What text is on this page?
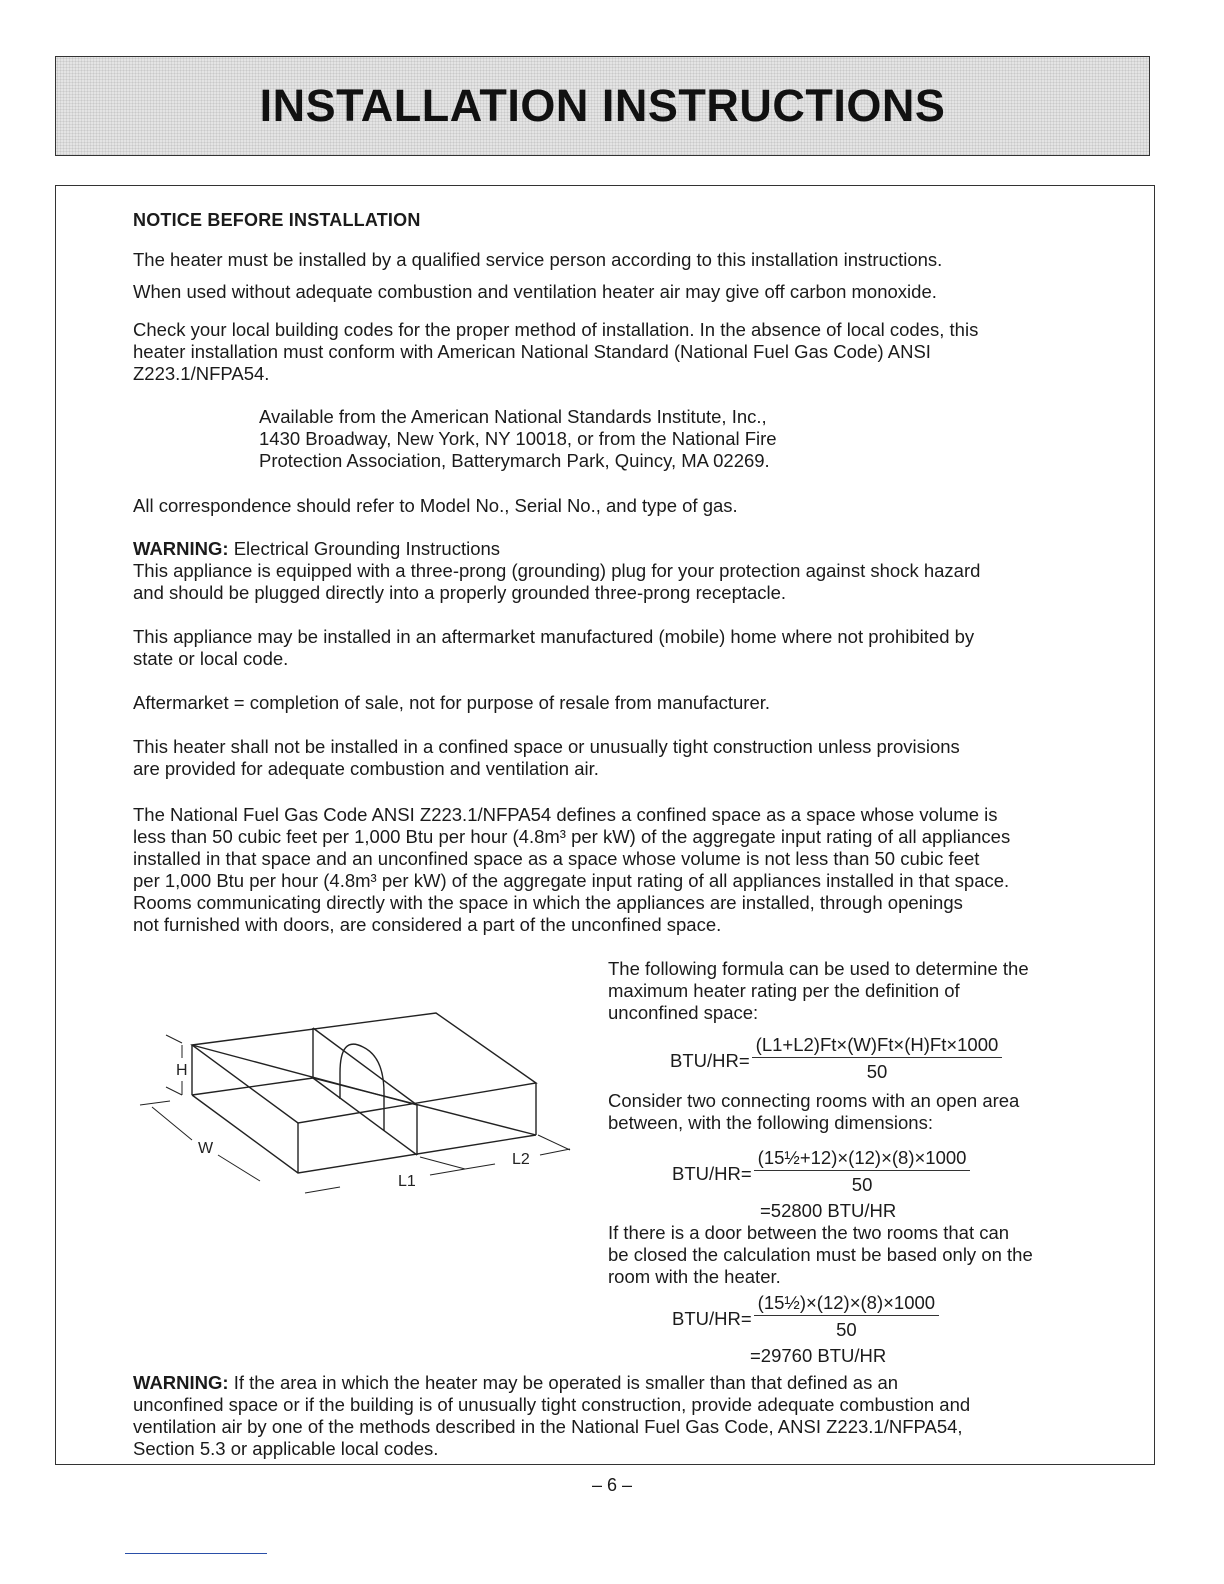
INSTALLATION INSTRUCTIONS

NOTICE BEFORE INSTALLATION

The heater must be installed by a qualified service person according to this installation instructions.

When used without adequate combustion and ventilation heater air may give off carbon monoxide.

Check your local building codes for the proper method of installation. In the absence of local codes, this

heater installation must conform with American National Standard (National Fuel Gas Code) ANSI

Z223.1/NFPA54.

Available from the American National Standards Institute, Inc.,

1430 Broadway, New York, NY 10018, or from the National Fire

Protection Association, Batterymarch Park, Quincy, MA 02269.

All correspondence should refer to Model No., Serial No., and type of gas.

WARNING: Electrical Grounding Instructions

This appliance is equipped with a three-prong (grounding) plug for your protection against shock hazard

and should be plugged directly into a properly grounded three-prong receptacle.

This appliance may be installed in an aftermarket manufactured (mobile) home where not prohibited by

state or local code.

Aftermarket = completion of sale, not for purpose of resale from manufacturer.

This heater shall not be installed in a confined space or unusually tight construction unless provisions

are provided for adequate combustion and ventilation air.

The National Fuel Gas Code ANSI Z223.1/NFPA54 defines a confined space as a space whose volume is

less than 50 cubic feet per 1,000 Btu per hour (4.8m³ per kW) of the aggregate input rating of all appliances

installed in that space and an unconfined space as a space whose volume is not less than 50 cubic feet

per 1,000 Btu per hour (4.8m³ per kW) of the aggregate input rating of all appliances installed in that space.

Rooms communicating directly with the space in which the appliances are installed, through openings

not furnished with doors, are considered a part of the unconfined space.

H
W
L1
L2

The following formula can be used to determine the

maximum heater rating per the definition of

unconfined space:

$BTU/HR= \frac{(L1+L2)Ft\times(W)Ft\times(H)Ft\times 1000}{50}$

Consider two connecting rooms with an open area

between, with the following dimensions:

$BTU/HR= \frac{\text{(15½+12)×(12)×(8)×1000}}{50}$
=52800 BTU/HR

If there is a door between the two rooms that can

be closed the calculation must be based only on the

room with the heater.

$BTU/HR= \frac{\text{(15½)×(12)×(8)×1000}}{50}$
=29760 BTU/HR

WARNING: If the area in which the heater may be operated is smaller than that defined as an

unconfined space or if the building is of unusually tight construction, provide adequate combustion and

ventilation air by one of the methods described in the National Fuel Gas Code, ANSI Z223.1/NFPA54,

Section 5.3 or applicable local codes.

– 6 –
